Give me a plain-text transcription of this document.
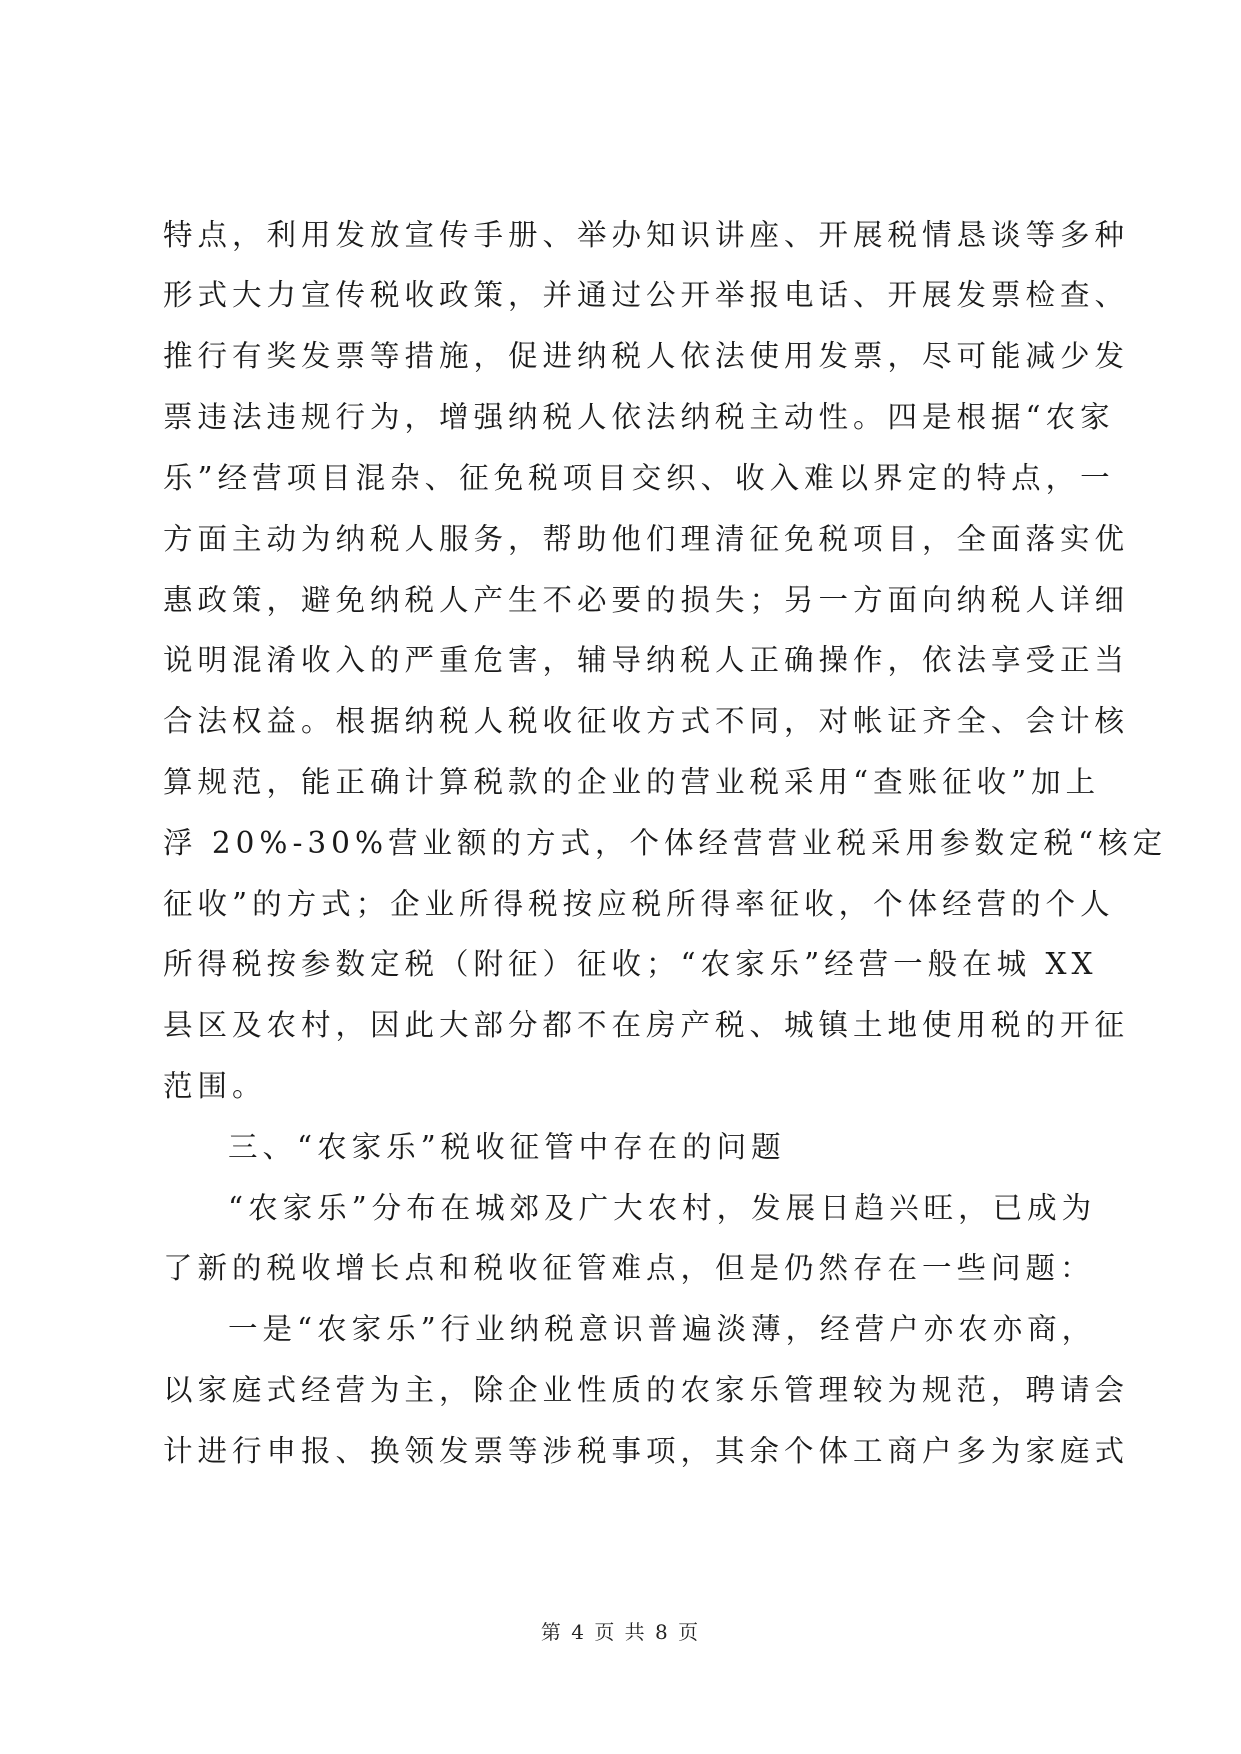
特点，利用发放宣传手册、举办知识讲座、开展税情恳谈等多种
形式大力宣传税收政策，并通过公开举报电话、开展发票检查、
推行有奖发票等措施，促进纳税人依法使用发票，尽可能减少发
票违法违规行为，增强纳税人依法纳税主动性。四是根据“农家
乐”经营项目混杂、征免税项目交织、收入难以界定的特点，一
方面主动为纳税人服务，帮助他们理清征免税项目，全面落实优
惠政策，避免纳税人产生不必要的损失；另一方面向纳税人详细
说明混淆收入的严重危害，辅导纳税人正确操作，依法享受正当
合法权益。根据纳税人税收征收方式不同，对帐证齐全、会计核
算规范，能正确计算税款的企业的营业税采用“查账征收”加上
浮 20%-30%营业额的方式，个体经营营业税采用参数定税“核定
征收”的方式；企业所得税按应税所得率征收，个体经营的个人
所得税按参数定税（附征）征收；“农家乐”经营一般在城 XX
县区及农村，因此大部分都不在房产税、城镇土地使用税的开征
范围。
三、“农家乐”税收征管中存在的问题
“农家乐”分布在城郊及广大农村，发展日趋兴旺，已成为
了新的税收增长点和税收征管难点，但是仍然存在一些问题：
一是“农家乐”行业纳税意识普遍淡薄，经营户亦农亦商，
以家庭式经营为主，除企业性质的农家乐管理较为规范，聘请会
计进行申报、换领发票等涉税事项，其余个体工商户多为家庭式
第 4 页 共 8 页
